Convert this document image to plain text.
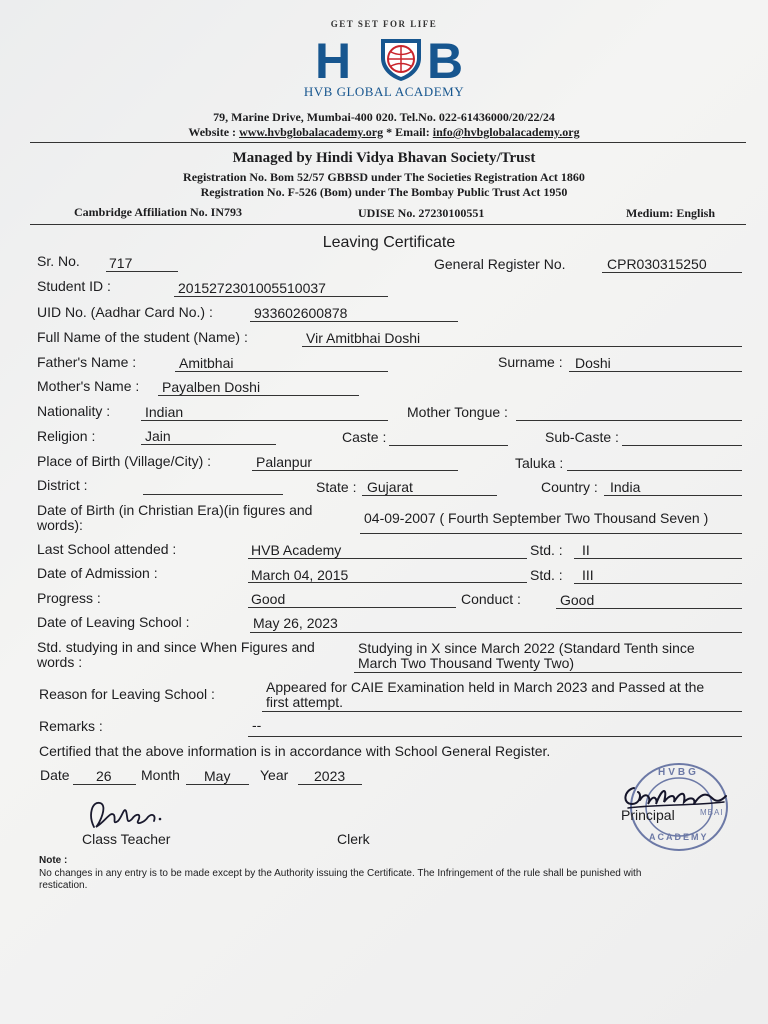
GET SET FOR LIFE
H B
HVB GLOBAL ACADEMY
79, Marine Drive, Mumbai-400 020. Tel.No. 022-61436000/20/22/24
Website : www.hvbglobalacademy.org * Email: info@hvbglobalacademy.org
Managed by Hindi Vidya Bhavan Society/Trust
Registration No. Bom 52/57 GBBSD under The Societies Registration Act 1860
Registration No. F-526 (Bom) under The Bombay Public Trust Act 1950
Cambridge Affiliation No. IN793	UDISE No. 27230100551	Medium: English
Leaving Certificate
Sr. No. 717	General Register No.	CPR030315250
Student ID :	2015272301005510037
UID No. (Aadhar Card No.) :	933602600878
Full Name of the student (Name) :	Vir Amitbhai Doshi
Father's Name :	Amitbhai	Surname : Doshi
Mother's Name : Payalben Doshi
Nationality : Indian	Mother Tongue :
Religion :	Jain	Caste :	Sub-Caste :
Place of Birth (Village/City) :	Palanpur	Taluka :
District :	State : Gujarat	Country : India
Date of Birth (in Christian Era)(in figures and
words):	04-09-2007 ( Fourth September Two Thousand Seven )
Last School attended :	HVB Academy	Std. : II
Date of Admission :	March 04, 2015	Std. : III
Progress :	Good	Conduct :	Good
Date of Leaving School :	May 26, 2023
Std. studying in and since When Figures and
words :
Studying in X since March 2022 (Standard Tenth since
March Two Thousand Twenty Two)
Reason for Leaving School :	Appeared for CAIE Examination held in March 2023 and Passed at the
first attempt.
Remarks :	--
Certified that the above information is in accordance with School General Register.
Date 26 Month May Year 2023
Class Teacher	Clerk
HVBG
MBAI
ACADEMY
Principal
Note :
No changes in any entry is to be made except by the Authority issuing the Certificate. The Infringement of the rule shall be punished with
restication.
